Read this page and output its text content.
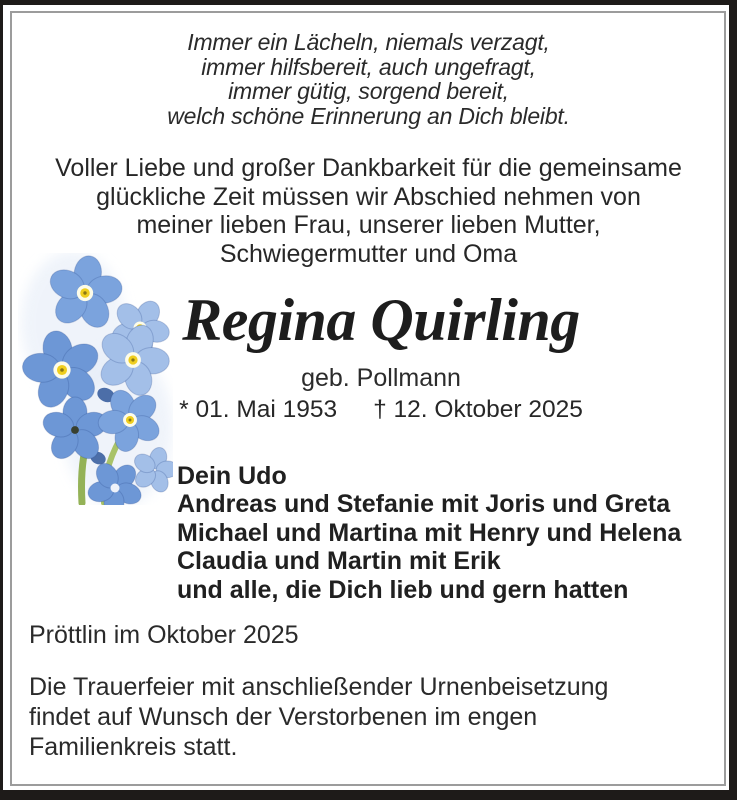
Immer ein Lächeln, niemals verzagt,
immer hilfsbereit, auch ungefragt,
immer gütig, sorgend bereit,
welch schöne Erinnerung an Dich bleibt.
Voller Liebe und großer Dankbarkeit für die gemeinsame
glückliche Zeit müssen wir Abschied nehmen von
meiner lieben Frau, unserer lieben Mutter,
Schwiegermutter und Oma
Regina Quirling
geb. Pollmann
* 01. Mai 1953 † 12. Oktober 2025
Dein Udo
Andreas und Stefanie mit Joris und Greta
Michael und Martina mit Henry und Helena
Claudia und Martin mit Erik
und alle, die Dich lieb und gern hatten
Pröttlin im Oktober 2025
Die Trauerfeier mit anschließender Urnenbeisetzung
findet auf Wunsch der Verstorbenen im engen
Familienkreis statt.
